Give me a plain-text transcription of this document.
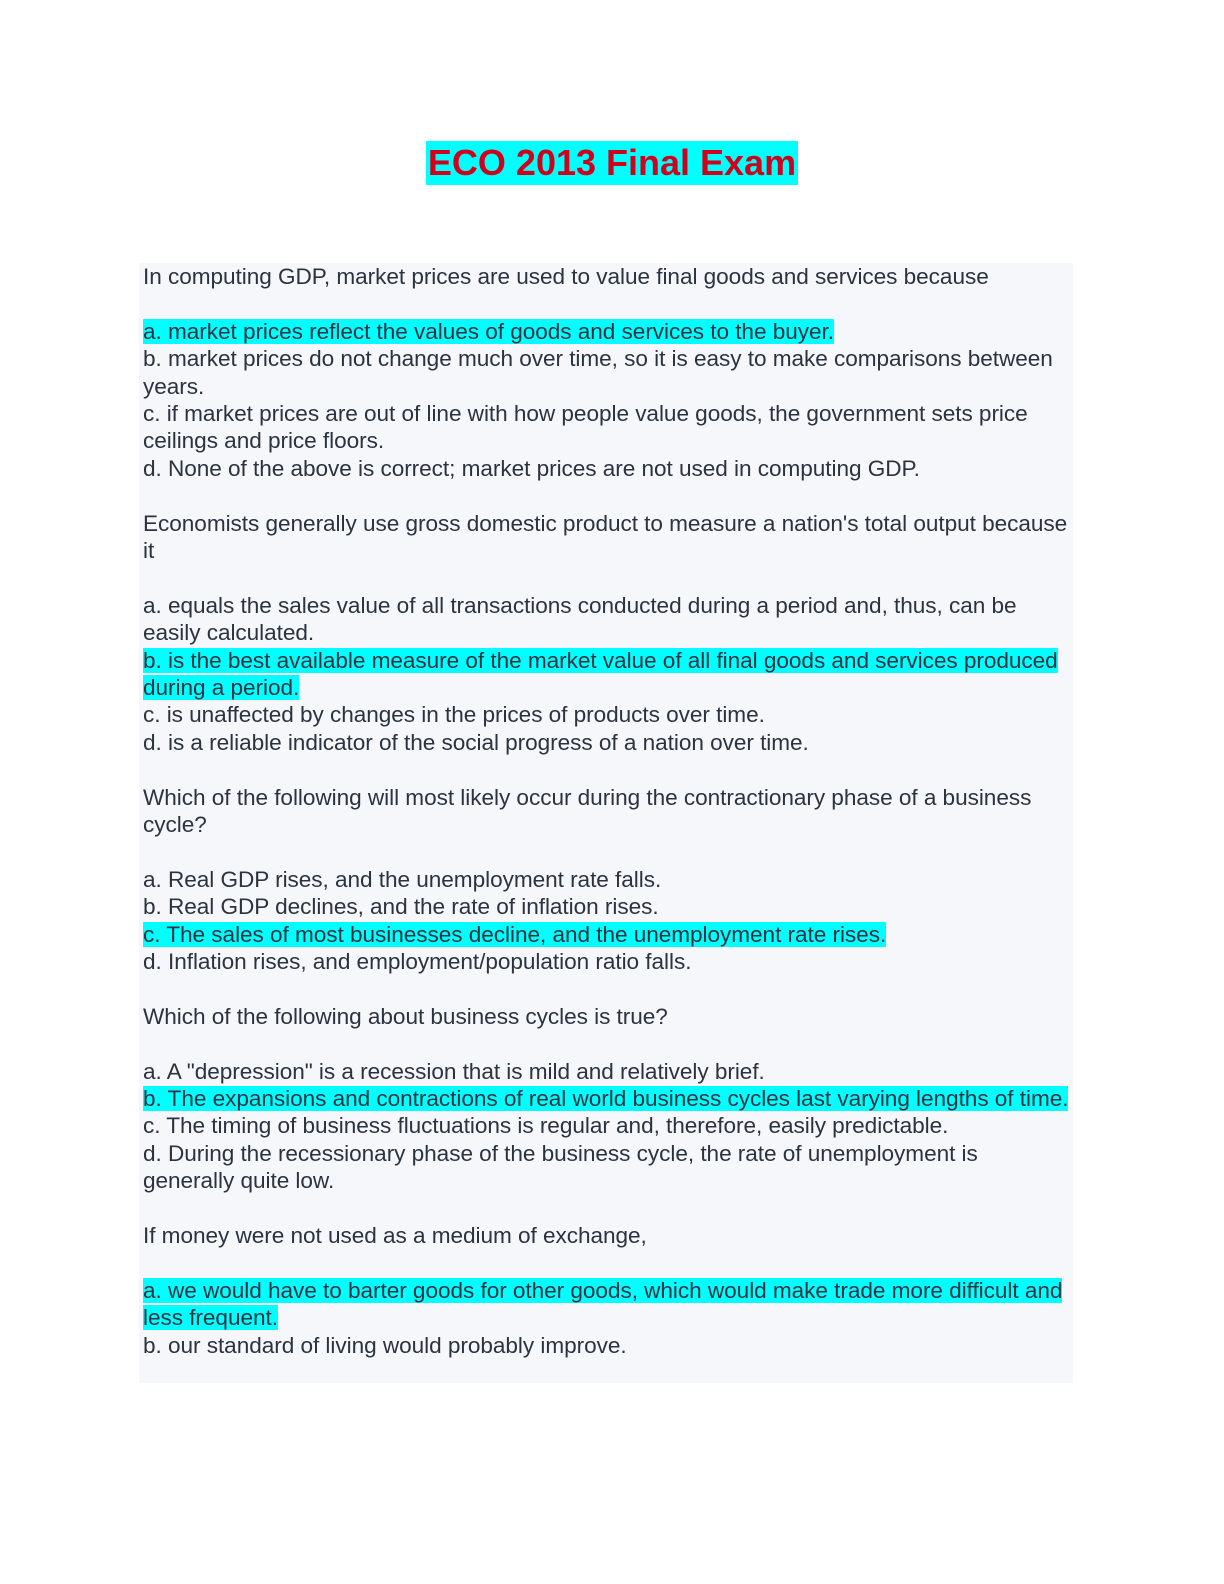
ECO 2013 Final Exam

In computing GDP, market prices are used to value final goods and services because

a. market prices reflect the values of goods and services to the buyer.

b. market prices do not change much over time, so it is easy to make comparisons between years.

c. if market prices are out of line with how people value goods, the government sets price ceilings and price floors.

d. None of the above is correct; market prices are not used in computing GDP.

Economists generally use gross domestic product to measure a nation's total output because it

a. equals the sales value of all transactions conducted during a period and, thus, can be easily calculated.

b. is the best available measure of the market value of all final goods and services produced during a period.

c. is unaffected by changes in the prices of products over time.

d. is a reliable indicator of the social progress of a nation over time.

Which of the following will most likely occur during the contractionary phase of a business cycle?

a. Real GDP rises, and the unemployment rate falls.

b. Real GDP declines, and the rate of inflation rises.

c. The sales of most businesses decline, and the unemployment rate rises.

d. Inflation rises, and employment/population ratio falls.

Which of the following about business cycles is true?

a. A "depression" is a recession that is mild and relatively brief.

b. The expansions and contractions of real world business cycles last varying lengths of time.

c. The timing of business fluctuations is regular and, therefore, easily predictable.

d. During the recessionary phase of the business cycle, the rate of unemployment is generally quite low.

If money were not used as a medium of exchange,

a. we would have to barter goods for other goods, which would make trade more difficult and less frequent.

b. our standard of living would probably improve.
